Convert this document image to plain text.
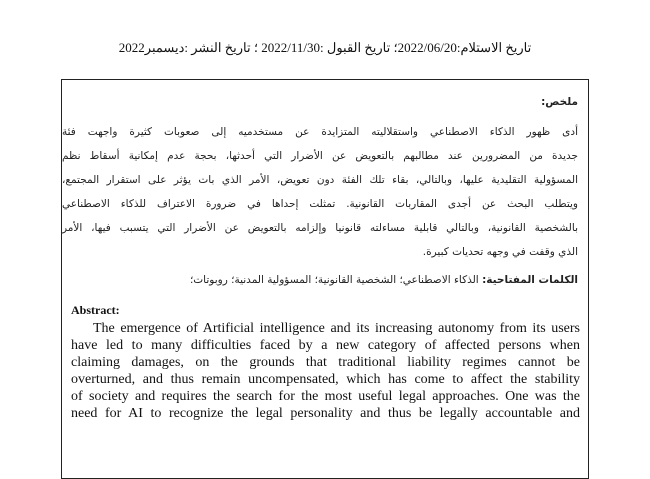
تاريخ الاستلام:2022/06/20؛ تاريخ القبول :2022/11/30 ؛ تاريخ النشر :ديسمبر2022
ملخص:
أدى ظهور الذكاء الاصطناعي واستقلاليته المتزايدة عن مستخدميه إلى صعوبات كثيرة واجهت فئة
جديدة من المضرورين عند مطالبهم بالتعويض عن الأضرار التي أحدثها، بحجة عدم إمكانية أسقاط نظم
المسؤولية التقليدية عليها، وبالتالي، بقاء تلك الفئة دون تعويض، الأمر الذي بات يؤثر على استقرار المجتمع،
ويتطلب البحث عن أجدى المقاربات القانونية. تمثلت إحداها في ضرورة الاعتراف للذكاء الاصطناعي
بالشخصية القانونية، وبالتالي قابلية مساءلته قانونيا وإلزامه بالتعويض عن الأضرار التي يتسبب فيها، الأمر
الذي وقفت في وجهه تحديات كبيرة.
الكلمات المفتاحية: الذكاء الاصطناعي؛ الشخصية القانونية؛ المسؤولية المدنية؛ روبوتات؛
Abstract:
The emergence of Artificial intelligence and its increasing autonomy from its users
have led to many difficulties faced by a new category of affected persons when
claiming damages, on the grounds that traditional liability regimes cannot be
overturned, and thus remain uncompensated, which has come to affect the stability
of society and requires the search for the most useful legal approaches. One was the
need for AI to recognize the legal personality and thus be legally accountable and
